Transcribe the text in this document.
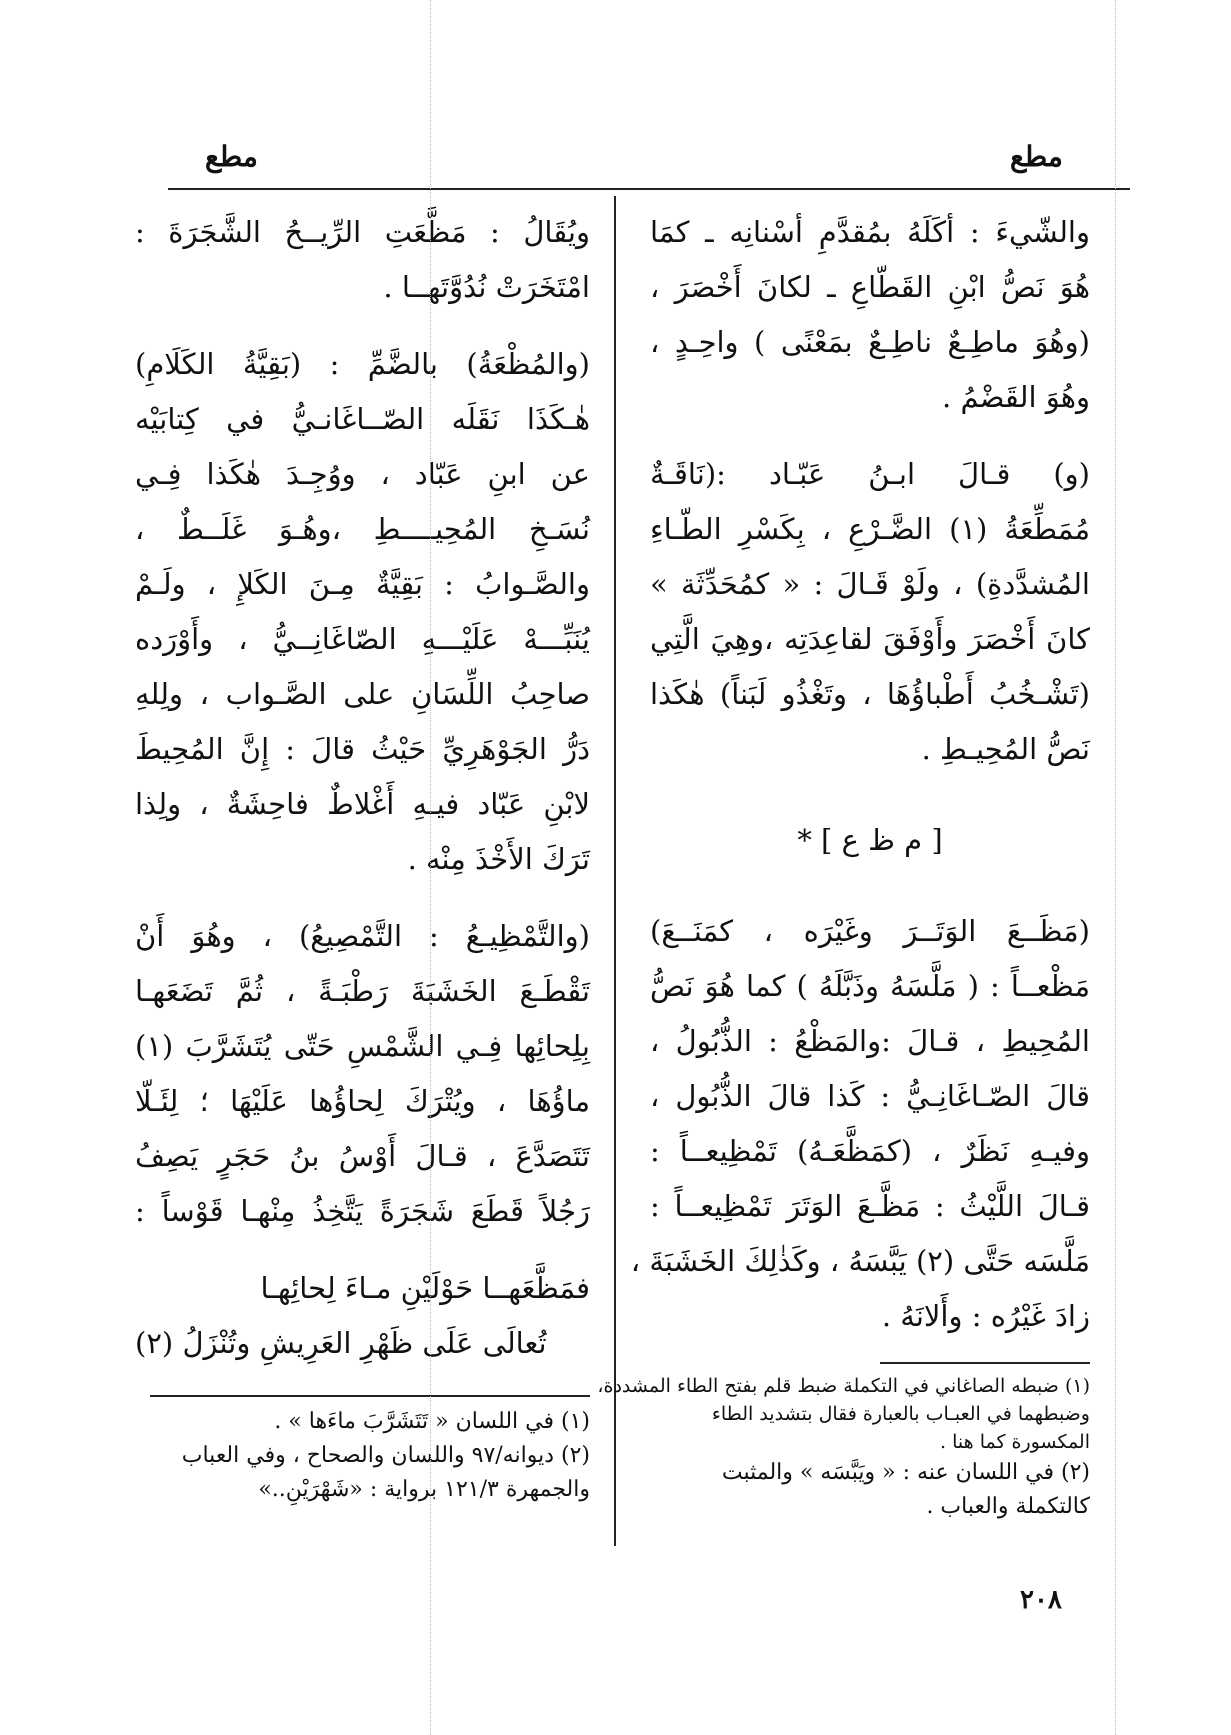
مطع
مطع
والشّيءَ : أكَلَهُ بمُقدَّمِ أسْنانِه ـ كمَا
هُوَ نَصُّ ابْنِ القَطّاعِ ـ لكانَ أَخْصَرَ ،
(وهُوَ ماطِـعٌ ناطِـعٌ بمَعْنًى ) واحِـدٍ ،
وهُوَ القَضْمُ .
(و) قـالَ ابـنُ عَبّـاد :(نَاقَـةٌ
مُمَطِّعَةُ (١) الضَّـرْعِ ، بِكَسْرِ الطّـاءِ
المُشدَّدةِ) ، ولَوْ قَـالَ : « كمُحَدِّثَة »
كانَ أَخْصَرَ وأَوْفَقَ لقاعِدَتِه ،وهِيَ الَّتِي
(تَشْـخُبُ أَطْباؤُهَا ، وتَغْذُو لَبَناً) هٰكَذا
نَصُّ المُحِيـطِ .
[ م ظ ع ] *
(مَظَــعَ الوَتَــرَ وغَيْرَه ، كمَنَــعَ)
مَظْعــاً : ( مَلَّسَهُ وذَبَّلَهُ ) كما هُوَ نَصُّ
المُحِيطِ ، قـالَ :والمَظْعُ : الذُّبُولُ ،
قالَ الصّـاغَانِـيُّ : كَذا قالَ الذُّبُول ،
وفيـهِ نَظَرٌ ، (كمَظَّعَـهُ) تَمْظِيعــاً :
قـالَ اللَّيْثُ : مَظَّـعَ الوَتَرَ تَمْظِيعــاً :
مَلَّسَه حَتَّى (٢) يَبَّسَهُ ، وكَذٰلِكَ الخَشَبَةَ ،
زادَ غَيْرُه : وأَلانَهُ .
(١) ضبطه الصاغاني في التكملة ضبط قلم بفتح الطاء المشددة،
وضبطهما في العبـاب بالعبارة فقال بتشديد الطاء
المكسورة كما هنا .
(٢) في اللسان عنه : « ويَبَّسَه » والمثبت
كالتكملة والعباب .
ويُقَالُ : مَظَّعَتِ الرِّيــحُ الشَّجَرَةَ :
امْتَخَرَتْ نُدُوَّتَهــا .
(والمُظْعَةُ) بالضَّمِّ : (بَقِيَّةُ الكَلَامِ)
هٰـكَذَا نَقَلَه الصّــاغَانـيُّ في كِتابَيْه
عن ابنِ عَبّاد ، ووُجِـدَ هٰكَذا فِـي
نُسَـخِ المُحِيــــطِ ،وهُـوَ غَلَــطٌ ،
والصَّـوابُ : بَقِيَّةٌ مِـنَ الكَلإِ ، ولَـمْ
يُنَبِّـــهْ عَلَيْـــهِ الصّاغَانِــيُّ ، وأَوْرَده
صاحِبُ اللِّسَانِ على الصَّـواب ، ولِلهِ
دَرُّ الجَوْهَرِيِّ حَيْثُ قالَ : إِنَّ المُحِيطَ
لابْنِ عَبّاد فيـهِ أَغْلاطٌ فاحِشَةٌ ، ولِذا
تَرَكَ الأَخْذَ مِنْه .
(والتَّمْظِيـعُ : التَّمْصِيعُ) ، وهُوَ أَنْ
تَقْطَـعَ الخَشَبَةَ رَطْبَـةً ، ثُمَّ تَضَعَهـا
بِلِحائِها فِـي الشَّمْسِ حَتّى يُتَشَرَّبَ (١)
ماؤُهَا ، ويُتْرَكَ لِحاؤُها عَلَيْهَا ؛ لِئَـلّا
تَتَصَدَّعَ ، قـالَ أَوْسُ بنُ حَجَرٍ يَصِفُ
رَجُلاً قَطَعَ شَجَرَةً يَتَّخِذُ مِنْهـا قَوْساً :
فمَظَّعَهــا حَوْلَيْنِ مـاءَ لِحائِهـا
تُعالَى عَلَى ظَهْرِ العَرِيشِ وتُنْزَلُ (٢)
(١) في اللسان « تَتَشَرَّبَ ماءَها » .
(٢) ديوانه/٩٧ واللسان والصحاح ، وفي العباب
والجمهرة ١٢١/٣ برواية : «شَهْرَيْنِ..»
٢٠٨
